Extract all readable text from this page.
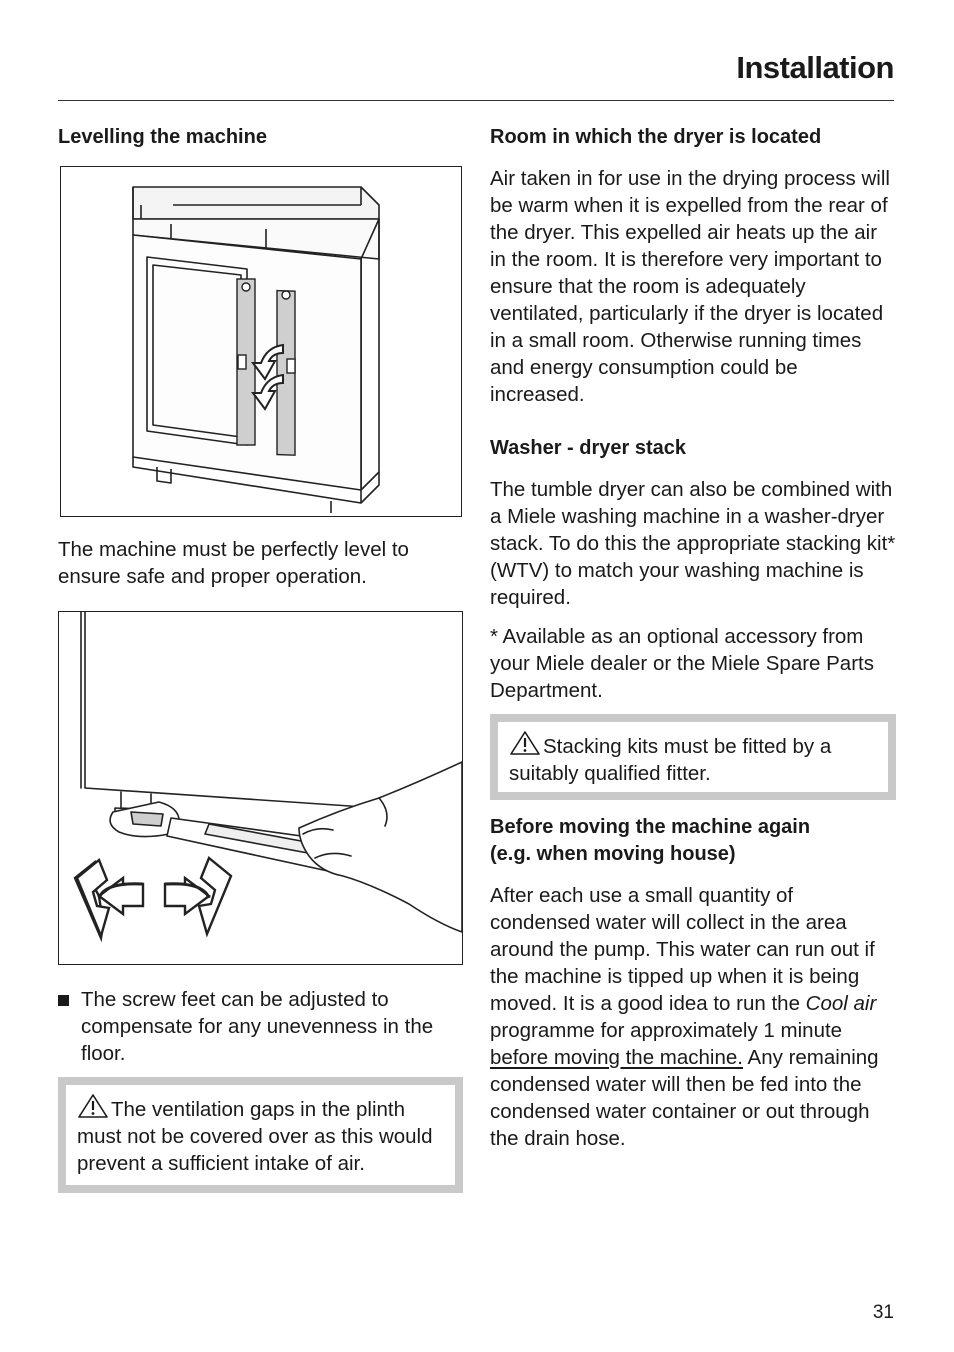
Installation
Levelling the machine

The machine must be perfectly level to ensure safe and proper operation.

The screw feet can be adjusted to compensate for any unevenness in the floor.

The ventilation gaps in the plinth must not be covered over as this would prevent a sufficient intake of air.

Room in which the dryer is located

Air taken in for use in the drying process will be warm when it is expelled from the rear of the dryer. This expelled air heats up the air in the room. It is therefore very important to ensure that the room is adequately ventilated, particularly if the dryer is located in a small room. Otherwise running times and energy consumption could be increased.

Washer - dryer stack

The tumble dryer can also be combined with a Miele washing machine in a washer-dryer stack. To do this the appropriate stacking kit* (WTV) to match your washing machine is required.

* Available as an optional accessory from your Miele dealer or the Miele Spare Parts Department.

Stacking kits must be fitted by a suitably qualified fitter.

Before moving the machine again
(e.g. when moving house)

After each use a small quantity of condensed water will collect in the area around the pump. This water can run out if the machine is tipped up when it is being moved. It is a good idea to run the Cool air programme for approximately 1 minute before moving the machine. Any remaining condensed water will then be fed into the condensed water container or out through the drain hose.

31
